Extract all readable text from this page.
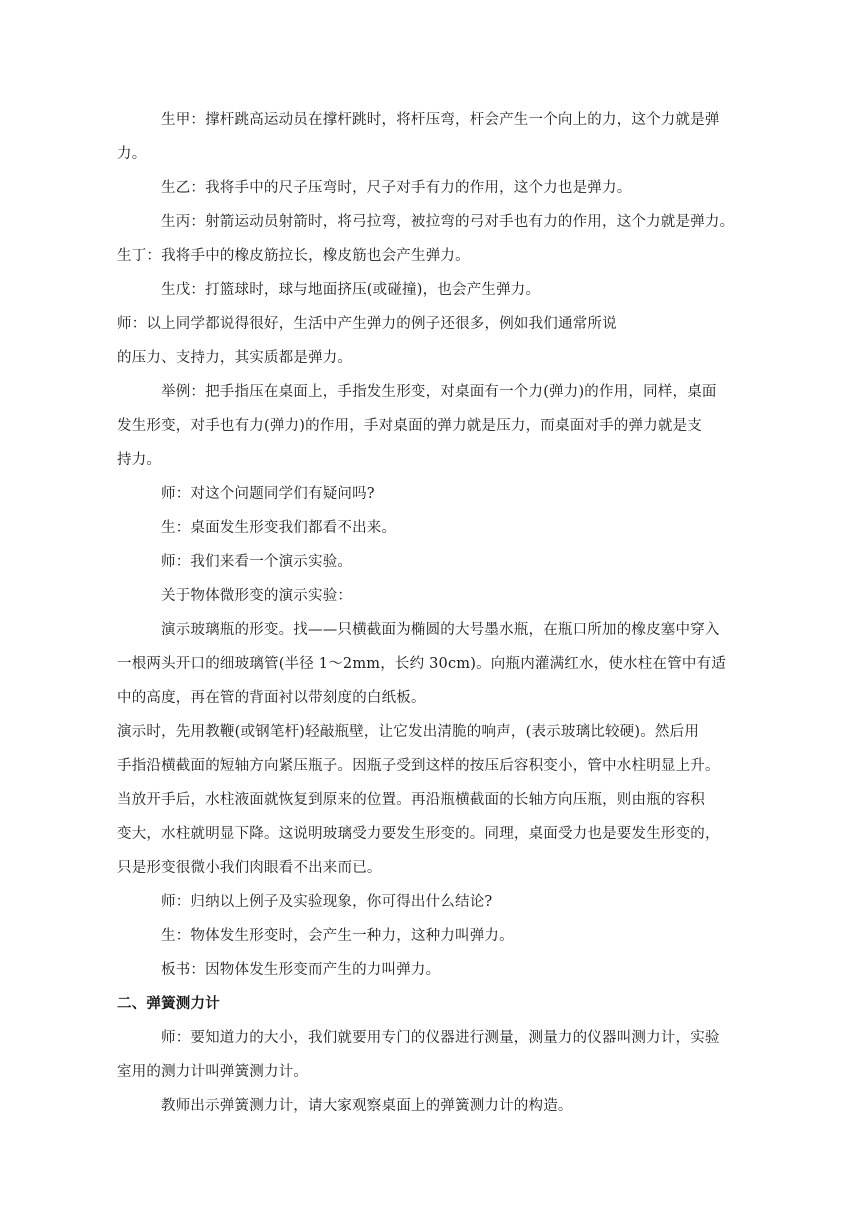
生甲：撑杆跳高运动员在撑杆跳时，将杆压弯，杆会产生一个向上的力，这个力就是弹
力。
生乙：我将手中的尺子压弯时，尺子对手有力的作用，这个力也是弹力。
生丙：射箭运动员射箭时，将弓拉弯，被拉弯的弓对手也有力的作用，这个力就是弹力。
生丁：我将手中的橡皮筋拉长，橡皮筋也会产生弹力。
生戊：打篮球时，球与地面挤压(或碰撞)，也会产生弹力。
师：以上同学都说得很好，生活中产生弹力的例子还很多，例如我们通常所说
的压力、支持力，其实质都是弹力。
举例：把手指压在桌面上，手指发生形变，对桌面有一个力(弹力)的作用，同样，桌面
发生形变，对手也有力(弹力)的作用，手对桌面的弹力就是压力，而桌面对手的弹力就是支
持力。
师：对这个问题同学们有疑问吗?
生：桌面发生形变我们都看不出来。
师：我们来看一个演示实验。
关于物体微形变的演示实验：
演示玻璃瓶的形变。找——只横截面为椭圆的大号墨水瓶，在瓶口所加的橡皮塞中穿入
一根两头开口的细玻璃管(半径 1～2mm，长约 30cm)。向瓶内灌满红水，使水柱在管中有适
中的高度，再在管的背面衬以带刻度的白纸板。
演示时，先用教鞭(或钢笔杆)轻敲瓶壁，让它发出清脆的响声，(表示玻璃比较硬)。然后用
手指沿横截面的短轴方向紧压瓶子。因瓶子受到这样的按压后容积变小，管中水柱明显上升。
当放开手后，水柱液面就恢复到原来的位置。再沿瓶横截面的长轴方向压瓶，则由瓶的容积
变大，水柱就明显下降。这说明玻璃受力要发生形变的。同理，桌面受力也是要发生形变的，
只是形变很微小我们肉眼看不出来而已。
师：归纳以上例子及实验现象，你可得出什么结论?
生：物体发生形变时，会产生一种力，这种力叫弹力。
板书：因物体发生形变而产生的力叫弹力。
二、弹簧测力计
师：要知道力的大小，我们就要用专门的仪器进行测量，测量力的仪器叫测力计，实验
室用的测力计叫弹簧测力计。
教师出示弹簧测力计，请大家观察桌面上的弹簧测力计的构造。
